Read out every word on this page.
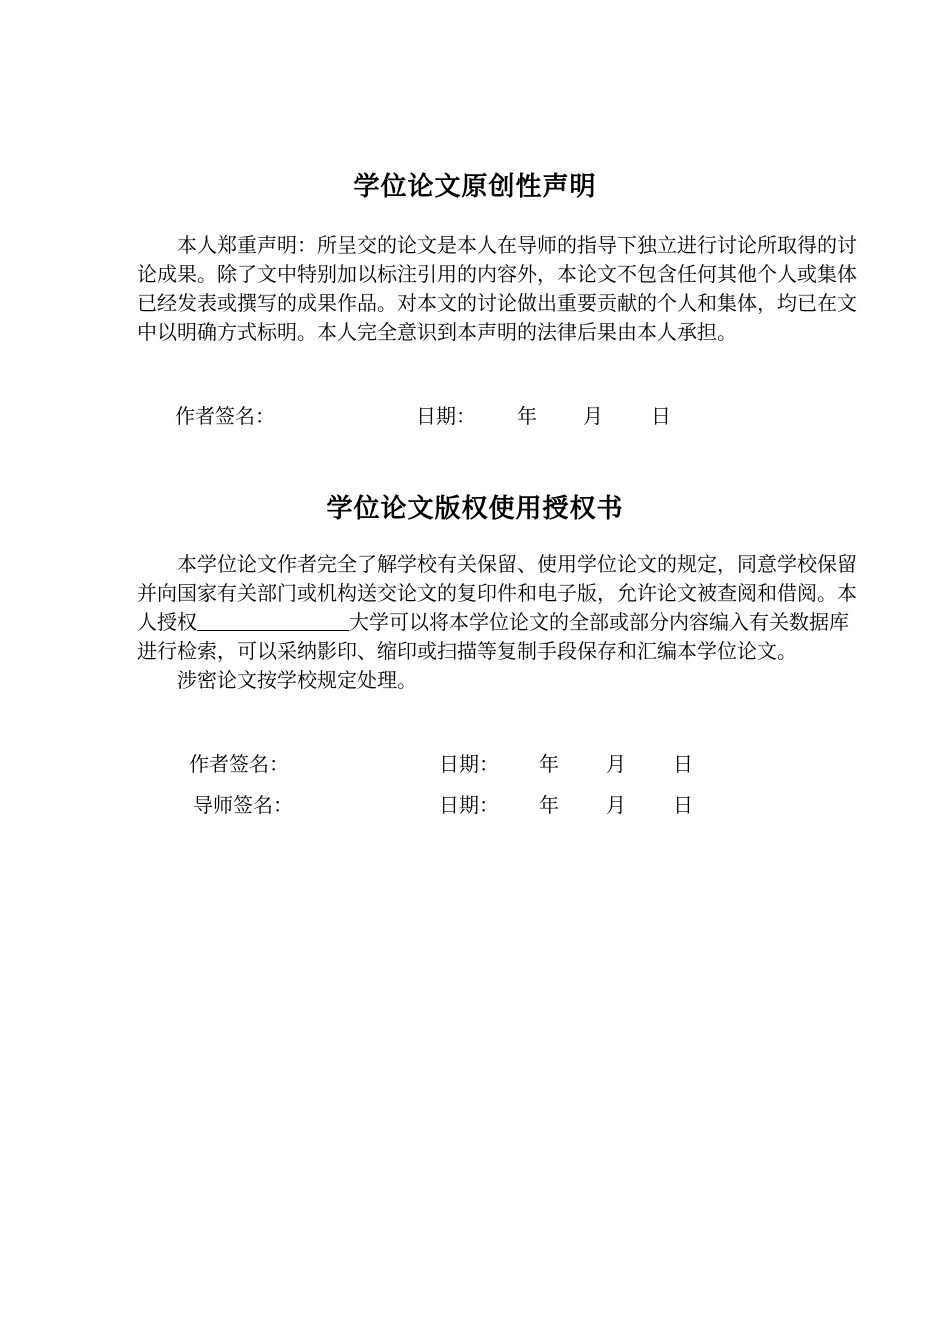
学位论文原创性声明

本人郑重声明：所呈交的论文是本人在导师的指导下独立进行讨论所取得的讨论成果。除了文中特别加以标注引用的内容外，本论文不包含任何其他个人或集体已经发表或撰写的成果作品。对本文的讨论做出重要贡献的个人和集体，均已在文中以明确方式标明。本人完全意识到本声明的法律后果由本人承担。

作者签名：	日期： 年 月 日
学位论文版权使用授权书

本学位论文作者完全了解学校有关保留、使用学位论文的规定，同意学校保留并向国家有关部门或机构送交论文的复印件和电子版，允许论文被查阅和借阅。本人授权	大学可以将本学位论文的全部或部分内容编入有关数据库进行检索，可以采纳影印、缩印或扫描等复制手段保存和汇编本学位论文。

涉密论文按学校规定处理。

作者签名：	日期： 年 月 日
导师签名：	日期： 年 月 日
